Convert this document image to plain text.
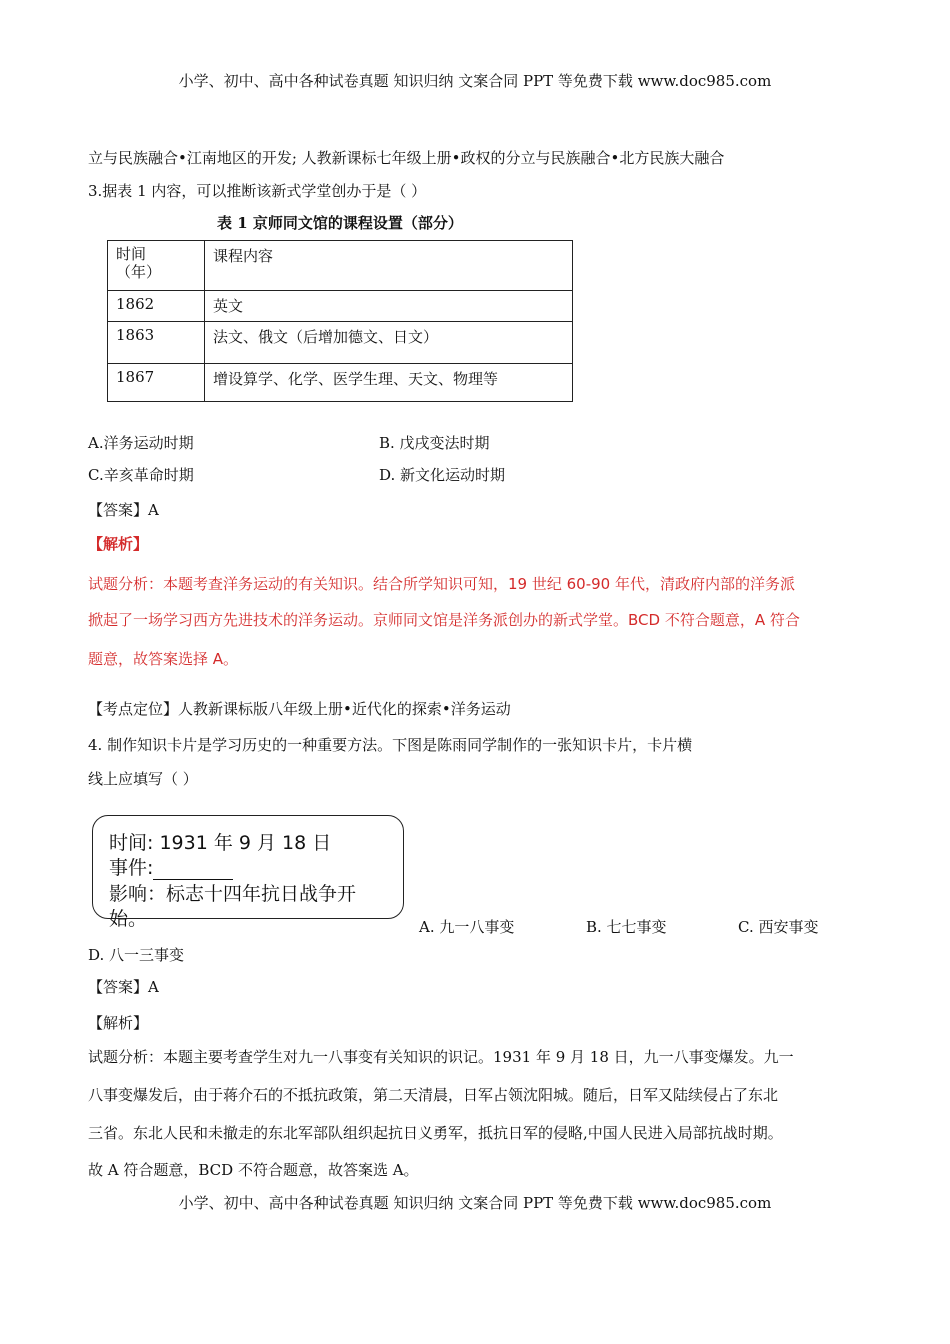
小学、初中、高中各种试卷真题 知识归纳 文案合同 PPT 等免费下载 www.doc985.com
立与民族融合•江南地区的开发; 人教新课标七年级上册•政权的分立与民族融合•北方民族大融合
3.据表 1 内容，可以推断该新式学堂创办于是（ ）
表 1 京师同文馆的课程设置（部分）
时间（年）	课程内容
1862	英文
1863	法文、俄文（后增加德文、日文）
1867	增设算学、化学、医学生理、天文、物理等
A.洋务运动时期	B. 戊戌变法时期
C.辛亥革命时期	D. 新文化运动时期
【答案】A
【解析】
试题分析：本题考查洋务运动的有关知识。结合所学知识可知，19 世纪 60-90 年代，清政府内部的洋务派
掀起了一场学习西方先进技术的洋务运动。京师同文馆是洋务派创办的新式学堂。BCD 不符合题意，A 符合
题意，故答案选择 A。
【考点定位】人教新课标版八年级上册•近代化的探索•洋务运动
4. 制作知识卡片是学习历史的一种重要方法。下图是陈雨同学制作的一张知识卡片，卡片横
线上应填写（ ）
时间: 1931 年 9 月 18 日
事件:
影响：标志十四年抗日战争开
始。	A. 九一八事变	B. 七七事变	C. 西安事变
D. 八一三事变
【答案】A
【解析】
试题分析：本题主要考查学生对九一八事变有关知识的识记。1931 年 9 月 18 日，九一八事变爆发。九一
八事变爆发后，由于蒋介石的不抵抗政策，第二天清晨，日军占领沈阳城。随后，日军又陆续侵占了东北
三省。东北人民和未撤走的东北军部队组织起抗日义勇军，抵抗日军的侵略,中国人民进入局部抗战时期。
故 A 符合题意，BCD 不符合题意，故答案选 A。
小学、初中、高中各种试卷真题 知识归纳 文案合同 PPT 等免费下载 www.doc985.com
